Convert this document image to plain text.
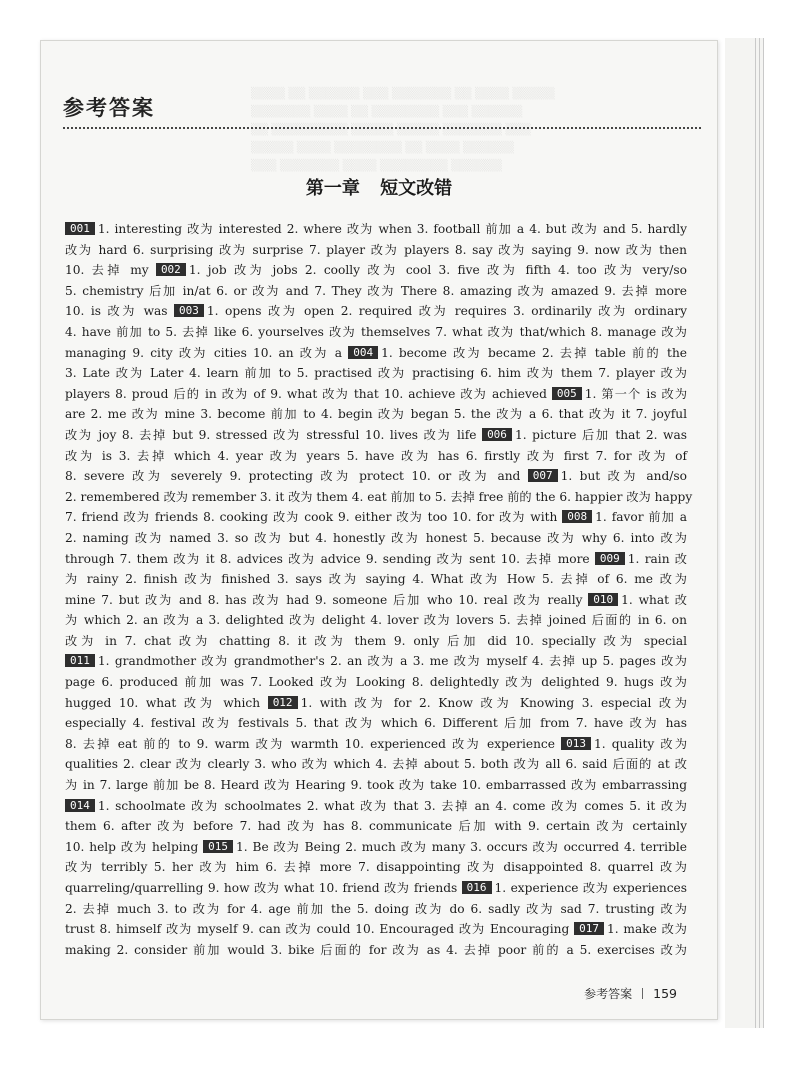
▒▒▒▒ ▒▒ ▒▒▒▒▒▒ ▒▒▒ ▒▒▒▒▒▒▒ ▒▒ ▒▒▒▒ ▒▒▒▒▒
▒▒▒▒▒▒▒ ▒▒▒▒ ▒▒ ▒▒▒▒▒▒▒▒ ▒▒▒ ▒▒▒▒▒▒
▒▒ ▒▒▒▒▒▒▒▒▒ ▒▒▒▒▒ ▒▒▒▒▒ ▒▒▒▒▒▒▒ ▒▒▒
▒▒▒▒▒ ▒▒▒▒ ▒▒▒▒▒▒▒▒ ▒▒ ▒▒▒▒ ▒▒▒▒▒▒
▒▒▒ ▒▒▒▒▒▒▒ ▒▒▒▒ ▒▒▒▒▒▒▒▒ ▒▒▒▒▒▒
参考答案
第一章 短文改错
001 1. interesting 改为 interested 2. where 改为 when 3. football 前加 a 4. but 改为 and 5. hardly
改为 hard 6. surprising 改为 surprise 7. player 改为 players 8. say 改为 saying 9. now 改为 then
10. 去掉 my 002 1. job 改为 jobs 2. coolly 改为 cool 3. five 改为 fifth 4. too 改为 very/so
5. chemistry 后加 in/at 6. or 改为 and 7. They 改为 There 8. amazing 改为 amazed 9. 去掉 more
10. is 改为 was 003 1. opens 改为 open 2. required 改为 requires 3. ordinarily 改为 ordinary
4. have 前加 to 5. 去掉 like 6. yourselves 改为 themselves 7. what 改为 that/which 8. manage 改为
managing 9. city 改为 cities 10. an 改为 a 004 1. become 改为 became 2. 去掉 table 前的 the
3. Late 改为 Later 4. learn 前加 to 5. practised 改为 practising 6. him 改为 them 7. player 改为
players 8. proud 后的 in 改为 of 9. what 改为 that 10. achieve 改为 achieved 005 1. 第一个 is 改为
are 2. me 改为 mine 3. become 前加 to 4. begin 改为 began 5. the 改为 a 6. that 改为 it 7. joyful
改为 joy 8. 去掉 but 9. stressed 改为 stressful 10. lives 改为 life 006 1. picture 后加 that 2. was
改为 is 3. 去掉 which 4. year 改为 years 5. have 改为 has 6. firstly 改为 first 7. for 改为 of
8. severe 改为 severely 9. protecting 改为 protect 10. or 改为 and 007 1. but 改为 and/so
2. remembered 改为 remember 3. it 改为 them 4. eat 前加 to 5. 去掉 free 前的 the 6. happier 改为 happy
7. friend 改为 friends 8. cooking 改为 cook 9. either 改为 too 10. for 改为 with 008 1. favor 前加 a
2. naming 改为 named 3. so 改为 but 4. honestly 改为 honest 5. because 改为 why 6. into 改为
through 7. them 改为 it 8. advices 改为 advice 9. sending 改为 sent 10. 去掉 more 009 1. rain 改
为 rainy 2. finish 改为 finished 3. says 改为 saying 4. What 改为 How 5. 去掉 of 6. me 改为
mine 7. but 改为 and 8. has 改为 had 9. someone 后加 who 10. real 改为 really 010 1. what 改
为 which 2. an 改为 a 3. delighted 改为 delight 4. lover 改为 lovers 5. 去掉 joined 后面的 in 6. on
改为 in 7. chat 改为 chatting 8. it 改为 them 9. only 后加 did 10. specially 改为 special
011 1. grandmother 改为 grandmother's 2. an 改为 a 3. me 改为 myself 4. 去掉 up 5. pages 改为
page 6. produced 前加 was 7. Looked 改为 Looking 8. delightedly 改为 delighted 9. hugs 改为
hugged 10. what 改为 which 012 1. with 改为 for 2. Know 改为 Knowing 3. especial 改为
especially 4. festival 改为 festivals 5. that 改为 which 6. Different 后加 from 7. have 改为 has
8. 去掉 eat 前的 to 9. warm 改为 warmth 10. experienced 改为 experience 013 1. quality 改为
qualities 2. clear 改为 clearly 3. who 改为 which 4. 去掉 about 5. both 改为 all 6. said 后面的 at 改
为 in 7. large 前加 be 8. Heard 改为 Hearing 9. took 改为 take 10. embarrassed 改为 embarrassing
014 1. schoolmate 改为 schoolmates 2. what 改为 that 3. 去掉 an 4. come 改为 comes 5. it 改为
them 6. after 改为 before 7. had 改为 has 8. communicate 后加 with 9. certain 改为 certainly
10. help 改为 helping 015 1. Be 改为 Being 2. much 改为 many 3. occurs 改为 occurred 4. terrible
改为 terribly 5. her 改为 him 6. 去掉 more 7. disappointing 改为 disappointed 8. quarrel 改为
quarreling/quarrelling 9. how 改为 what 10. friend 改为 friends 016 1. experience 改为 experiences
2. 去掉 much 3. to 改为 for 4. age 前加 the 5. doing 改为 do 6. sadly 改为 sad 7. trusting 改为
trust 8. himself 改为 myself 9. can 改为 could 10. Encouraged 改为 Encouraging 017 1. make 改为
making 2. consider 前加 would 3. bike 后面的 for 改为 as 4. 去掉 poor 前的 a 5. exercises 改为
参考答案 159
